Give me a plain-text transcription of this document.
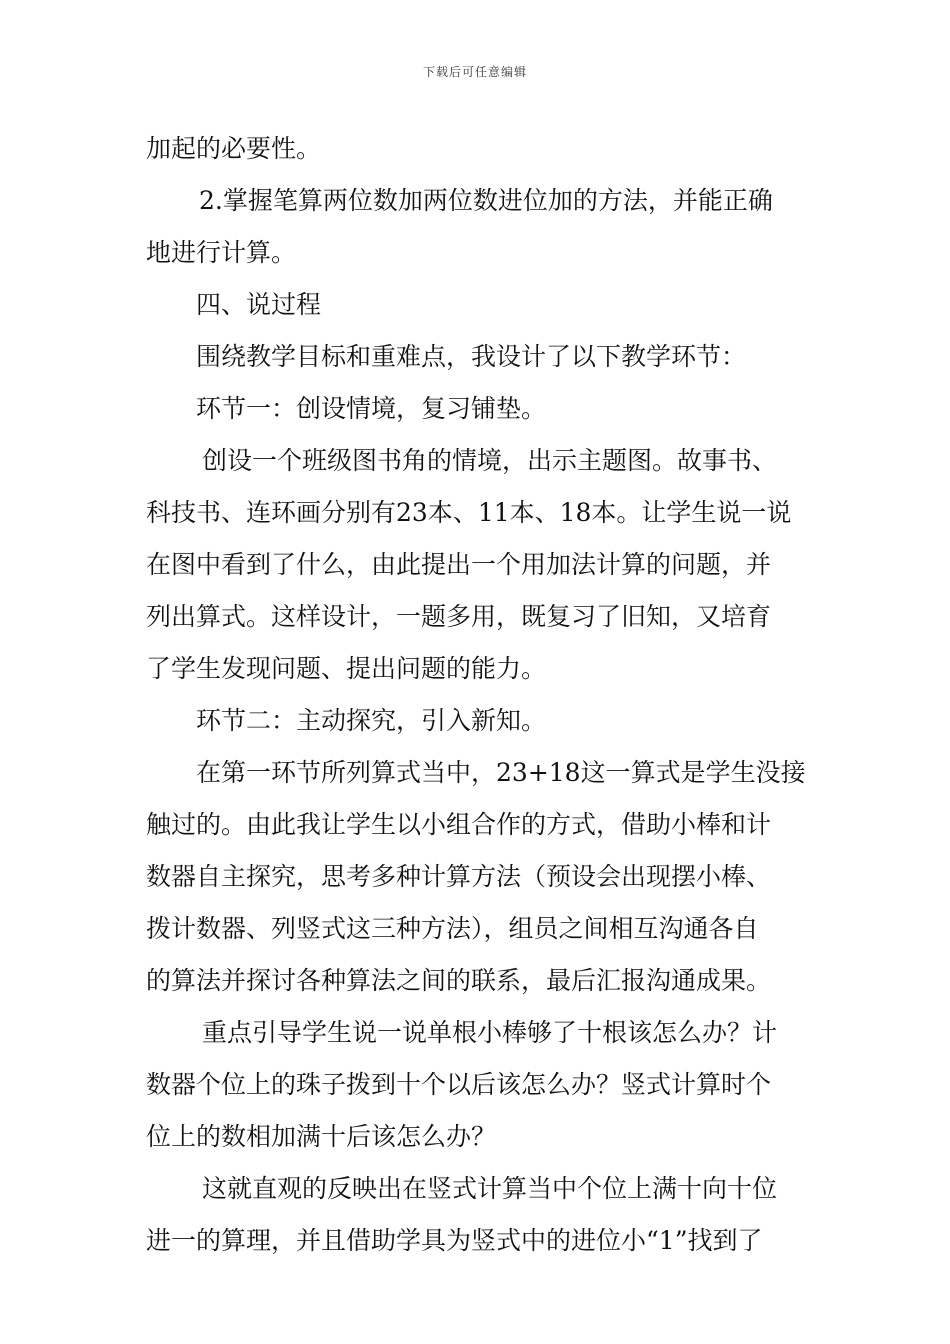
下载后可任意编辑
加起的必要性。
2.掌握笔算两位数加两位数进位加的方法，并能正确
地进行计算。
四、说过程
围绕教学目标和重难点，我设计了以下教学环节：
环节一：创设情境，复习铺垫。
创设一个班级图书角的情境，出示主题图。故事书、
科技书、连环画分别有23本、11本、18本。让学生说一说
在图中看到了什么，由此提出一个用加法计算的问题，并
列出算式。这样设计，一题多用，既复习了旧知，又培育
了学生发现问题、提出问题的能力。
环节二：主动探究，引入新知。
在第一环节所列算式当中，23+18这一算式是学生没接
触过的。由此我让学生以小组合作的方式，借助小棒和计
数器自主探究，思考多种计算方法（预设会出现摆小棒、
拨计数器、列竖式这三种方法），组员之间相互沟通各自
的算法并探讨各种算法之间的联系，最后汇报沟通成果。
重点引导学生说一说单根小棒够了十根该怎么办？计
数器个位上的珠子拨到十个以后该怎么办？竖式计算时个
位上的数相加满十后该怎么办？
这就直观的反映出在竖式计算当中个位上满十向十位
进一的算理，并且借助学具为竖式中的进位小“1”找到了
